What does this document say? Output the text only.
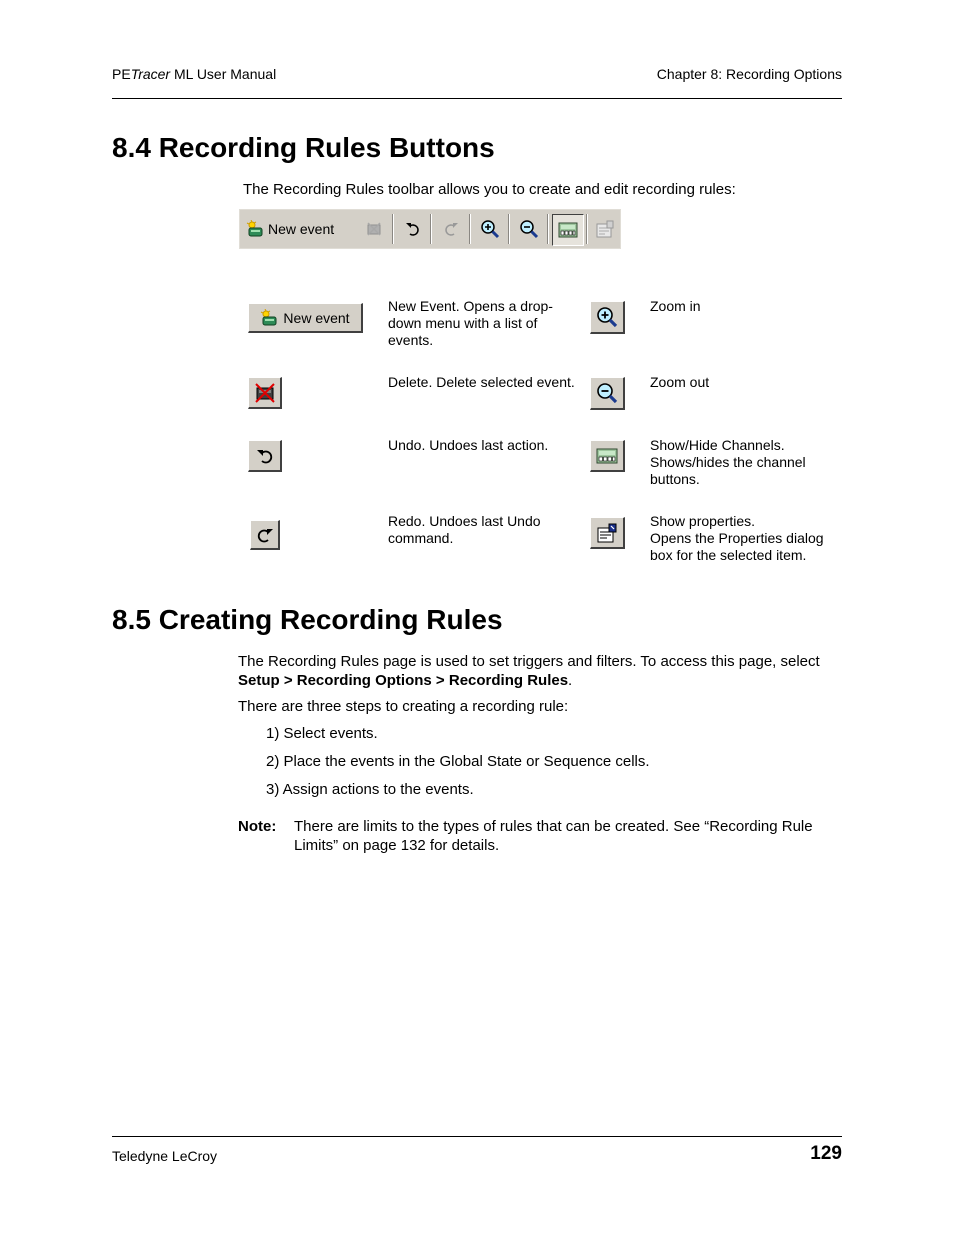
PETracer ML User Manual	Chapter 8: Recording Options
8.4 Recording Rules Buttons
The Recording Rules toolbar allows you to create and edit recording rules:
New event
New event
New Event. Opens a drop-down menu with a list of events.
Delete. Delete selected event.
Undo. Undoes last action.
Redo. Undoes last Undo command.
Zoom in
Zoom out
Show/Hide Channels. Shows/hides the channel buttons.
Show properties.
Opens the Properties dialog box for the selected item.
8.5 Creating Recording Rules
The Recording Rules page is used to set triggers and filters. To access this page, select Setup > Recording Options > Recording Rules.
There are three steps to creating a recording rule:
1) Select events.
2) Place the events in the Global State or Sequence cells.
3) Assign actions to the events.
Note: There are limits to the types of rules that can be created. See “Recording Rule Limits” on page 132 for details.
Teledyne LeCroy	129
